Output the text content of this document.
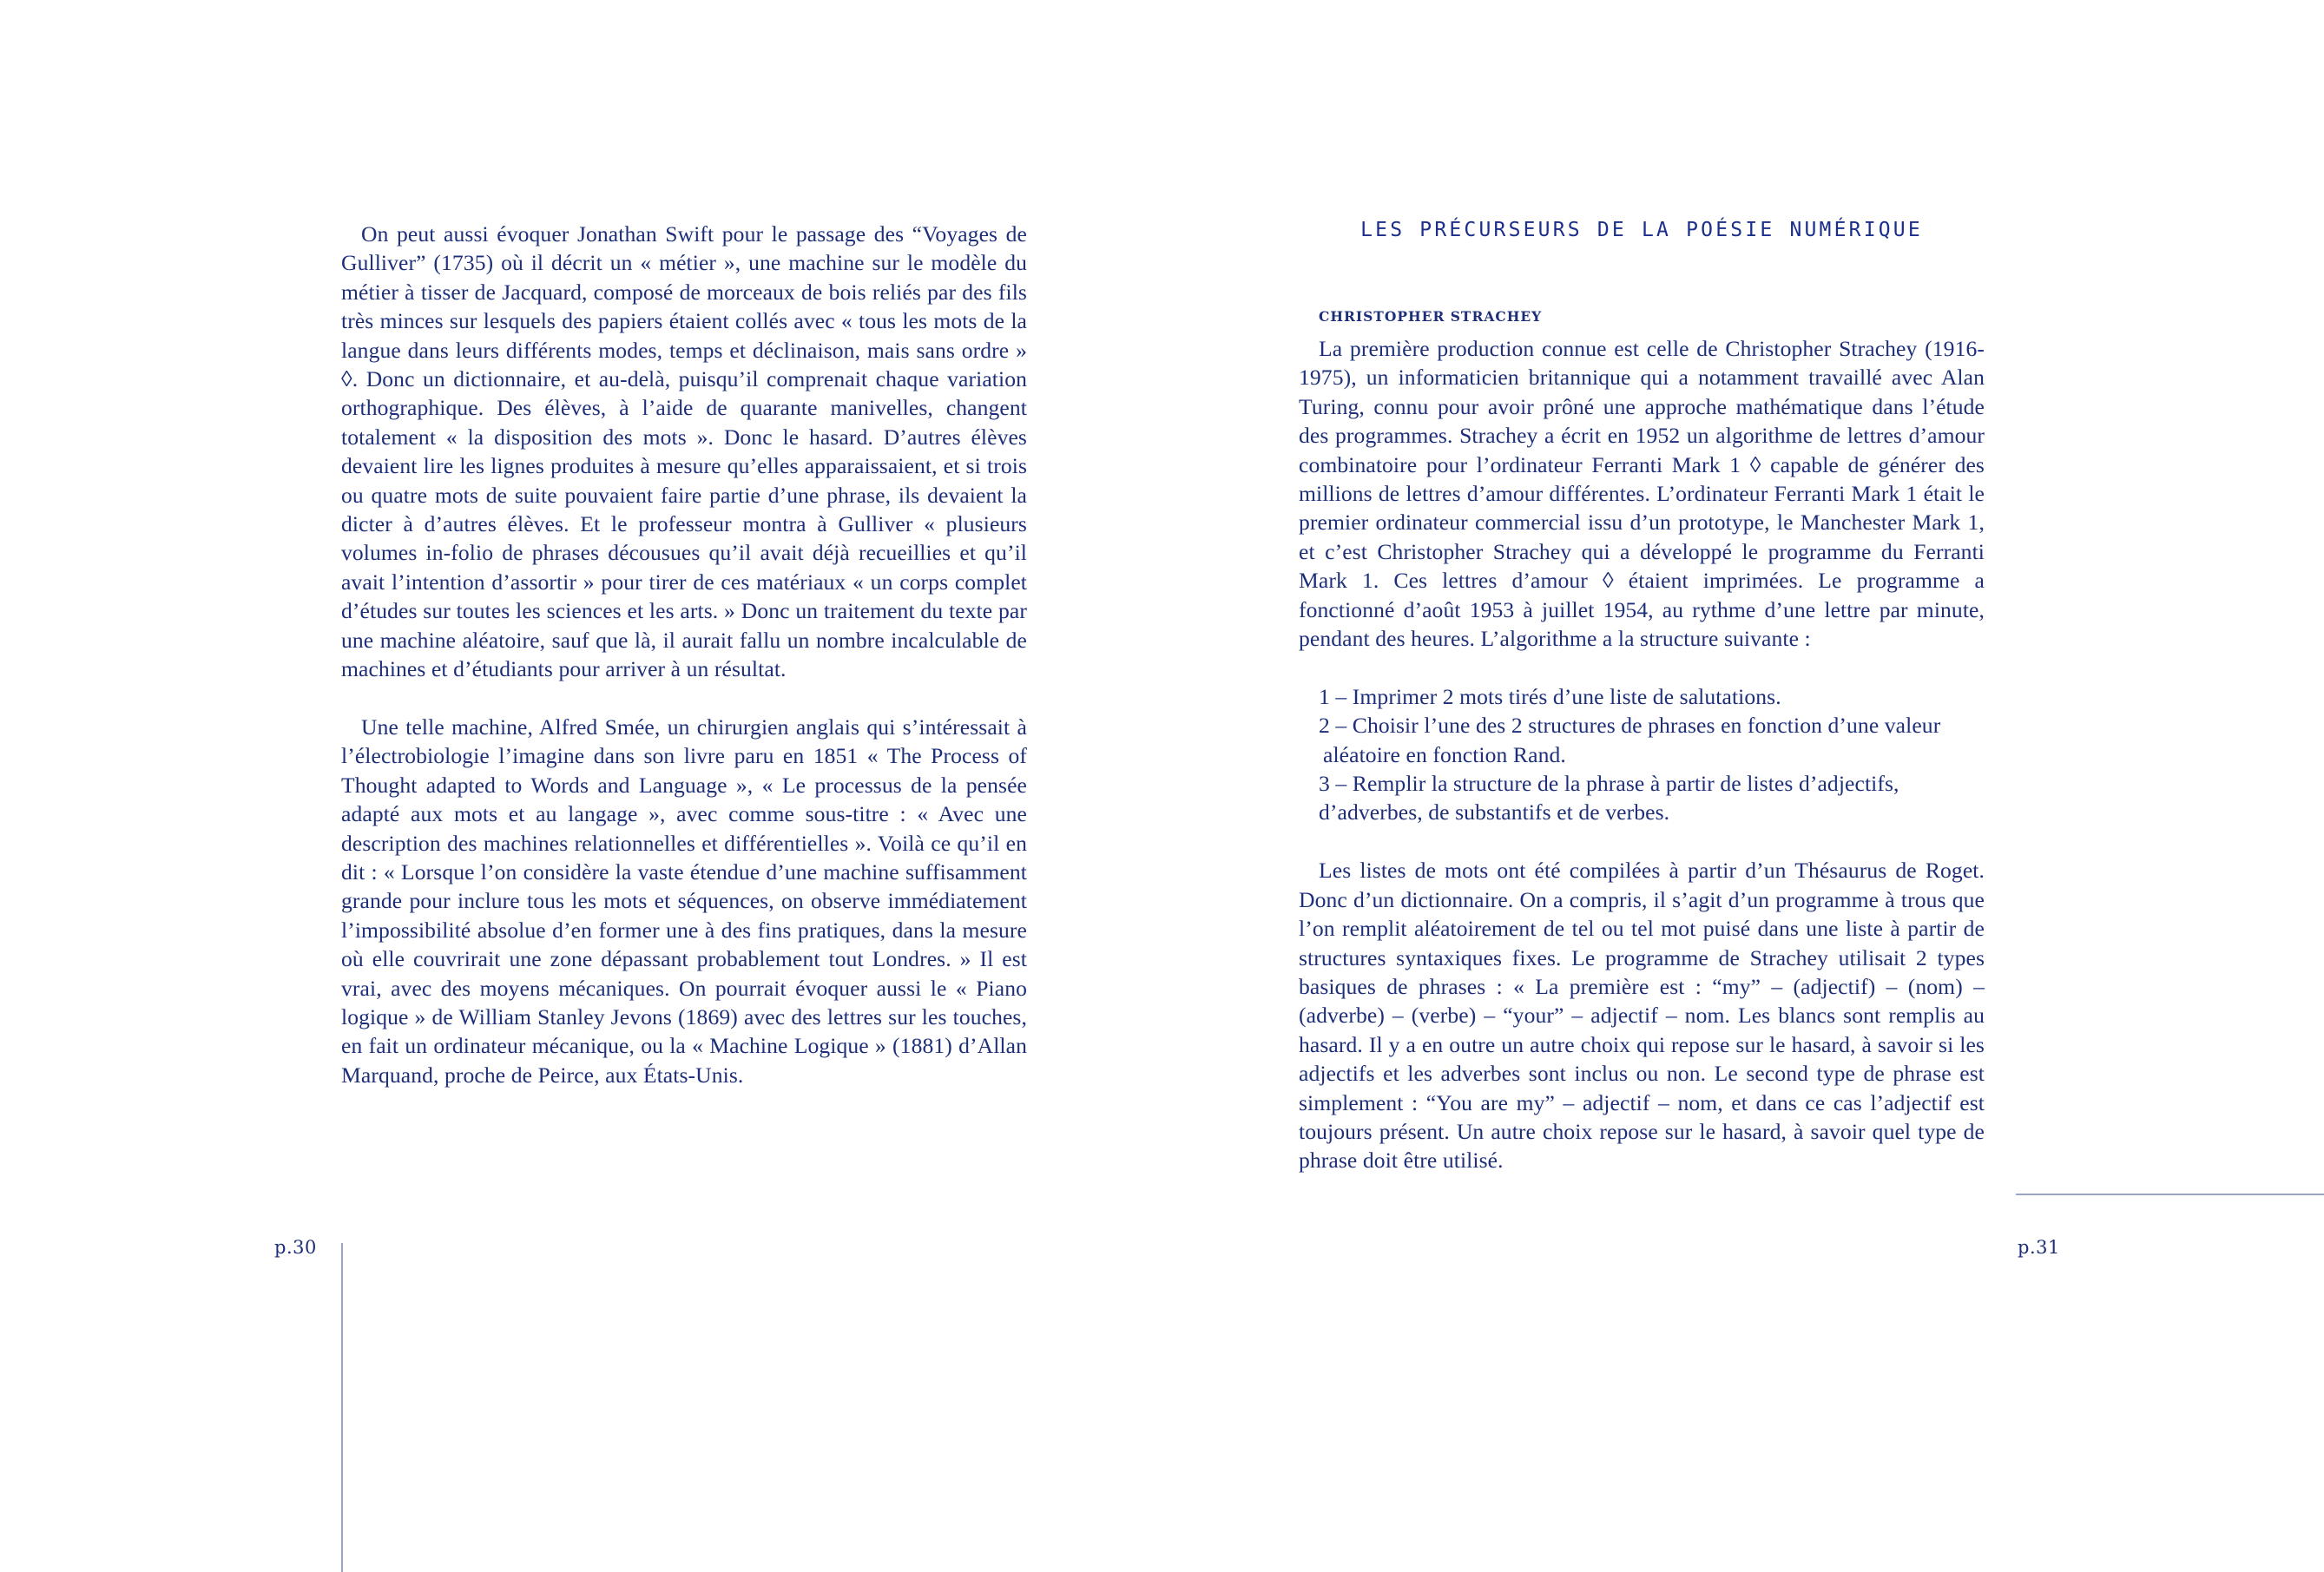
On peut aussi évoquer Jonathan Swift pour le passage des “Voyages de Gulliver” (1735) où il décrit un « métier », une machine sur le modèle du métier à tisser de Jacquard, composé de morceaux de bois reliés par des fils très minces sur lesquels des papiers étaient collés avec « tous les mots de la langue dans leurs différents modes, temps et déclinaison, mais sans ordre » ◊. Donc un dictionnaire, et au-delà, puisqu’il comprenait chaque variation orthographique. Des élèves, à l’aide de quarante manivelles, changent totalement « la disposition des mots ». Donc le hasard. D’autres élèves devaient lire les lignes produites à mesure qu’elles apparaissaient, et si trois ou quatre mots de suite pouvaient faire partie d’une phrase, ils devaient la dicter à d’autres élèves. Et le professeur montra à Gulliver « plusieurs volumes in-folio de phrases décousues qu’il avait déjà recueillies et qu’il avait l’intention d’assortir » pour tirer de ces matériaux « un corps complet d’études sur toutes les sciences et les arts. » Donc un traitement du texte par une machine aléatoire, sauf que là, il aurait fallu un nombre incalculable de machines et d’étudiants pour arriver à un résultat.

Une telle machine, Alfred Smée, un chirurgien anglais qui s’intéressait à l’électrobiologie l’imagine dans son livre paru en 1851 « The Process of Thought adapted to Words and Language », « Le processus de la pensée adapté aux mots et au langage », avec comme sous-titre : « Avec une description des machines relationnelles et différentielles ». Voilà ce qu’il en dit : « Lorsque l’on considère la vaste étendue d’une machine suffisamment grande pour inclure tous les mots et séquences, on observe immédiatement l’impossibilité absolue d’en former une à des fins pratiques, dans la mesure où elle couvrirait une zone dépassant probablement tout Londres. » Il est vrai, avec des moyens mécaniques. On pourrait évoquer aussi le « Piano logique » de William Stanley Jevons (1869) avec des lettres sur les touches, en fait un ordinateur mécanique, ou la « Machine Logique » (1881) d’Allan Marquand, proche de Peirce, aux États-Unis.

p.30
LES PRÉCURSEURS DE LA POÉSIE NUMÉRIQUE
CHRISTOPHER STRACHEY

La première production connue est celle de Christopher Strachey (1916-1975), un informaticien britannique qui a notamment travaillé avec Alan Turing, connu pour avoir prôné une approche mathématique dans l’étude des programmes. Strachey a écrit en 1952 un algorithme de lettres d’amour combinatoire pour l’ordinateur Ferranti Mark 1 ◊ capable de générer des millions de lettres d’amour différentes. L’ordinateur Ferranti Mark 1 était le premier ordinateur commercial issu d’un prototype, le Manchester Mark 1, et c’est Christopher Strachey qui a développé le programme du Ferranti Mark 1. Ces lettres d’amour ◊ étaient imprimées. Le programme a fonctionné d’août 1953 à juillet 1954, au rythme d’une lettre par minute, pendant des heures. L’algorithme a la structure suivante :

1 – Imprimer 2 mots tirés d’une liste de salutations.

2 – Choisir l’une des 2 structures de phrases en fonction d’une valeur

aléatoire en fonction Rand.

3 – Remplir la structure de la phrase à partir de listes d’adjectifs,

d’adverbes, de substantifs et de verbes.

Les listes de mots ont été compilées à partir d’un Thésaurus de Roget. Donc d’un dictionnaire. On a compris, il s’agit d’un programme à trous que l’on remplit aléatoirement de tel ou tel mot puisé dans une liste à partir de structures syntaxiques fixes. Le programme de Strachey utilisait 2 types basiques de phrases : « La première est : “my” – (adjectif) – (nom) – (adverbe) – (verbe) – “your” – adjectif – nom. Les blancs sont remplis au hasard. Il y a en outre un autre choix qui repose sur le hasard, à savoir si les adjectifs et les adverbes sont inclus ou non. Le second type de phrase est simplement : “You are my” – adjectif – nom, et dans ce cas l’adjectif est toujours présent. Un autre choix repose sur le hasard, à savoir quel type de phrase doit être utilisé.

p.31
